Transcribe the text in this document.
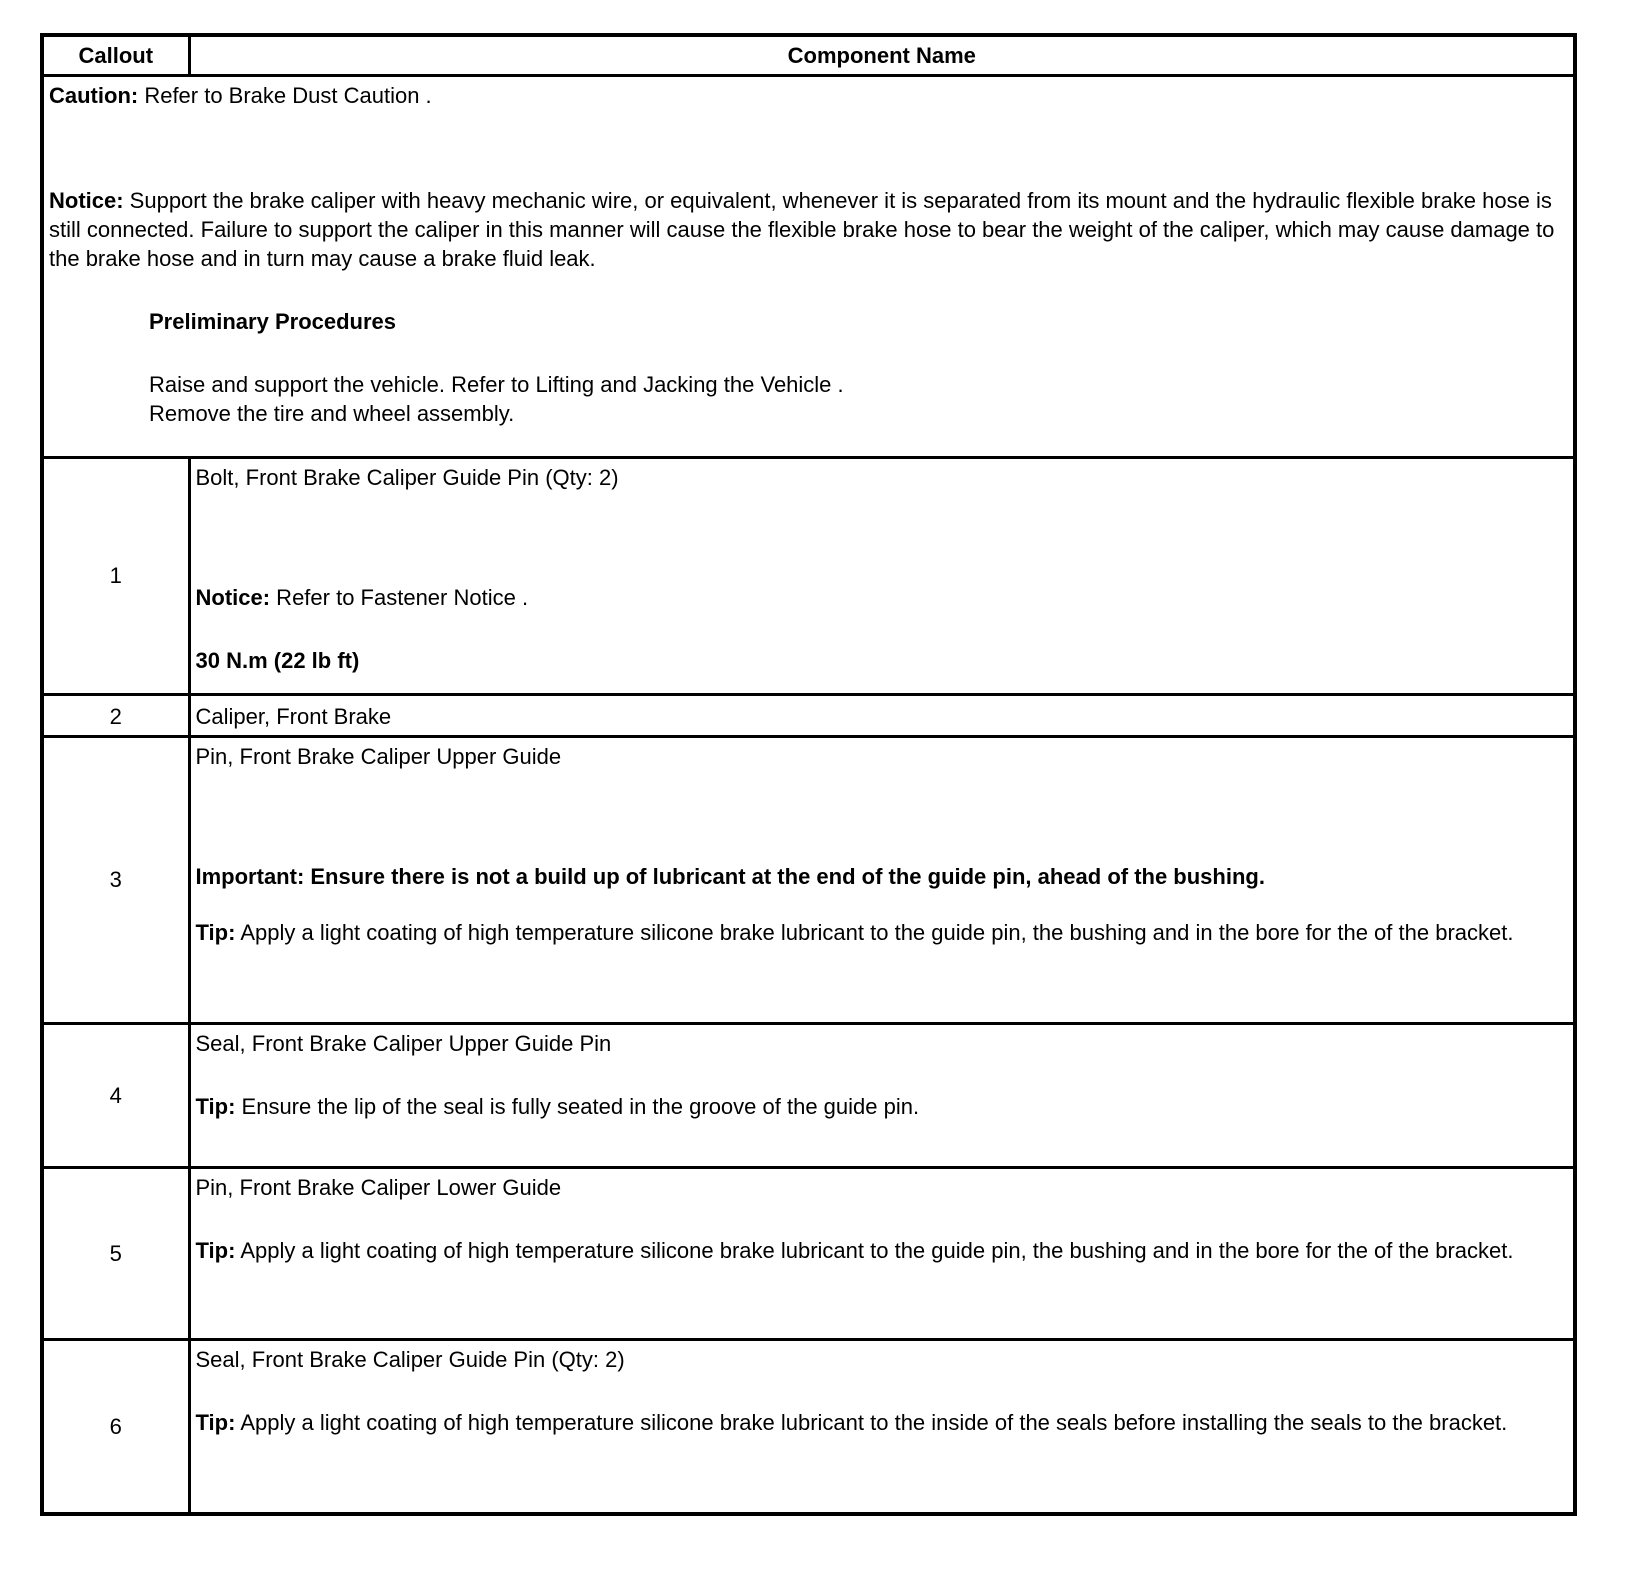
Callout	Component Name

Caution: Refer to Brake Dust Caution .
Notice: Support the brake caliper with heavy mechanic wire, or equivalent, whenever it is separated from its mount and the hydraulic flexible brake hose is still connected. Failure to support the caliper in this manner will cause the flexible brake hose to bear the weight of the caliper, which may cause damage to the brake hose and in turn may cause a brake fluid leak.
Preliminary Procedures
Raise and support the vehicle. Refer to Lifting and Jacking the Vehicle .
Remove the tire and wheel assembly.	

1	Bolt, Front Brake Caliper Guide Pin (Qty: 2)
Notice: Refer to Fastener Notice .
30 N.m (22 lb ft)

2	Caliper, Front Brake

3	Pin, Front Brake Caliper Upper Guide
Important: Ensure there is not a build up of lubricant at the end of the guide pin, ahead of the bushing.
Tip: Apply a light coating of high temperature silicone brake lubricant to the guide pin, the bushing and in the bore for the of the bracket.

4	Seal, Front Brake Caliper Upper Guide Pin
Tip: Ensure the lip of the seal is fully seated in the groove of the guide pin.

5	Pin, Front Brake Caliper Lower Guide
Tip: Apply a light coating of high temperature silicone brake lubricant to the guide pin, the bushing and in the bore for the of the bracket.

6	Seal, Front Brake Caliper Guide Pin (Qty: 2)
Tip: Apply a light coating of high temperature silicone brake lubricant to the inside of the seals before installing the seals to the bracket.
